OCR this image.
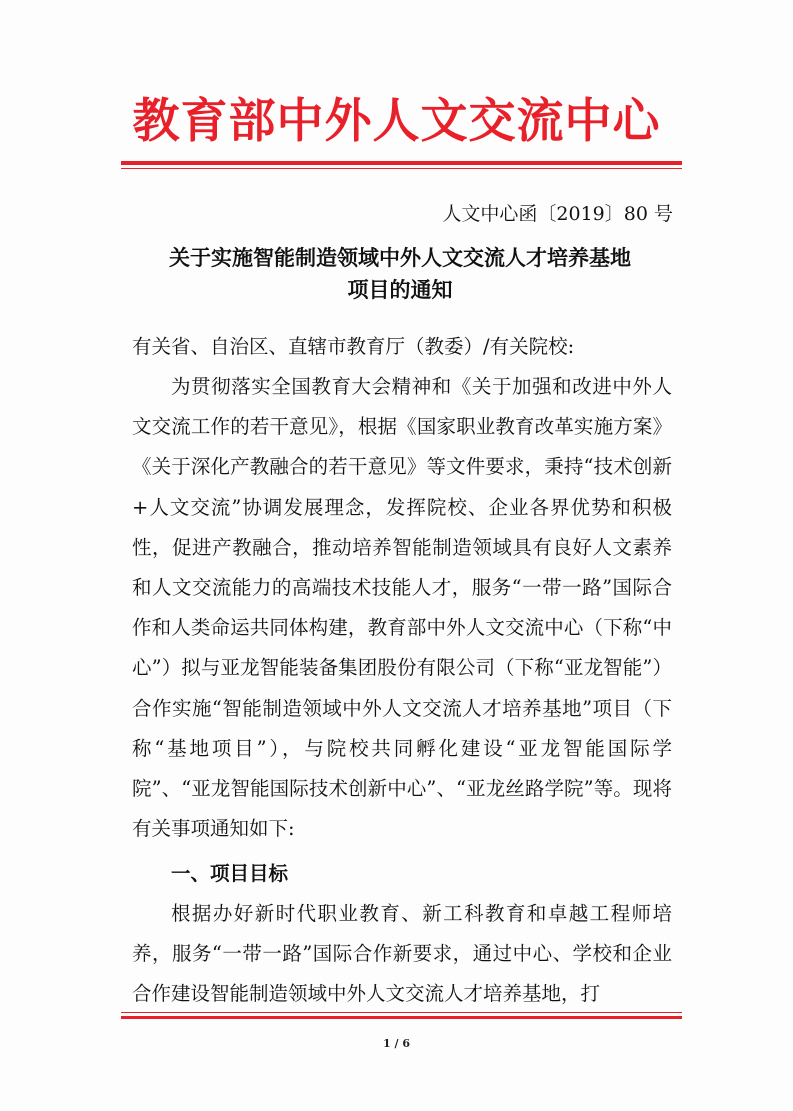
教育部中外人文交流中心
人文中心函〔2019〕80 号
关于实施智能制造领域中外人文交流人才培养基地
项目的通知
有关省、自治区、直辖市教育厅（教委）/有关院校:

为贯彻落实全国教育大会精神和《关于加强和改进中外人文交流工作的若干意见》，根据《国家职业教育改革实施方案》《关于深化产教融合的若干意见》等文件要求，秉持“技术创新+人文交流”协调发展理念，发挥院校、企业各界优势和积极性，促进产教融合，推动培养智能制造领域具有良好人文素养和人文交流能力的高端技术技能人才，服务“一带一路”国际合作和人类命运共同体构建，教育部中外人文交流中心（下称“中心”）拟与亚龙智能装备集团股份有限公司（下称“亚龙智能”）合作实施“智能制造领域中外人文交流人才培养基地”项目（下称“基地项目”），与院校共同孵化建设“亚龙智能国际学院”、“亚龙智能国际技术创新中心”、“亚龙丝路学院”等。现将有关事项通知如下:

一、项目目标

根据办好新时代职业教育、新工科教育和卓越工程师培养，服务“一带一路”国际合作新要求，通过中心、学校和企业合作建设智能制造领域中外人文交流人才培养基地，打

1 / 6
